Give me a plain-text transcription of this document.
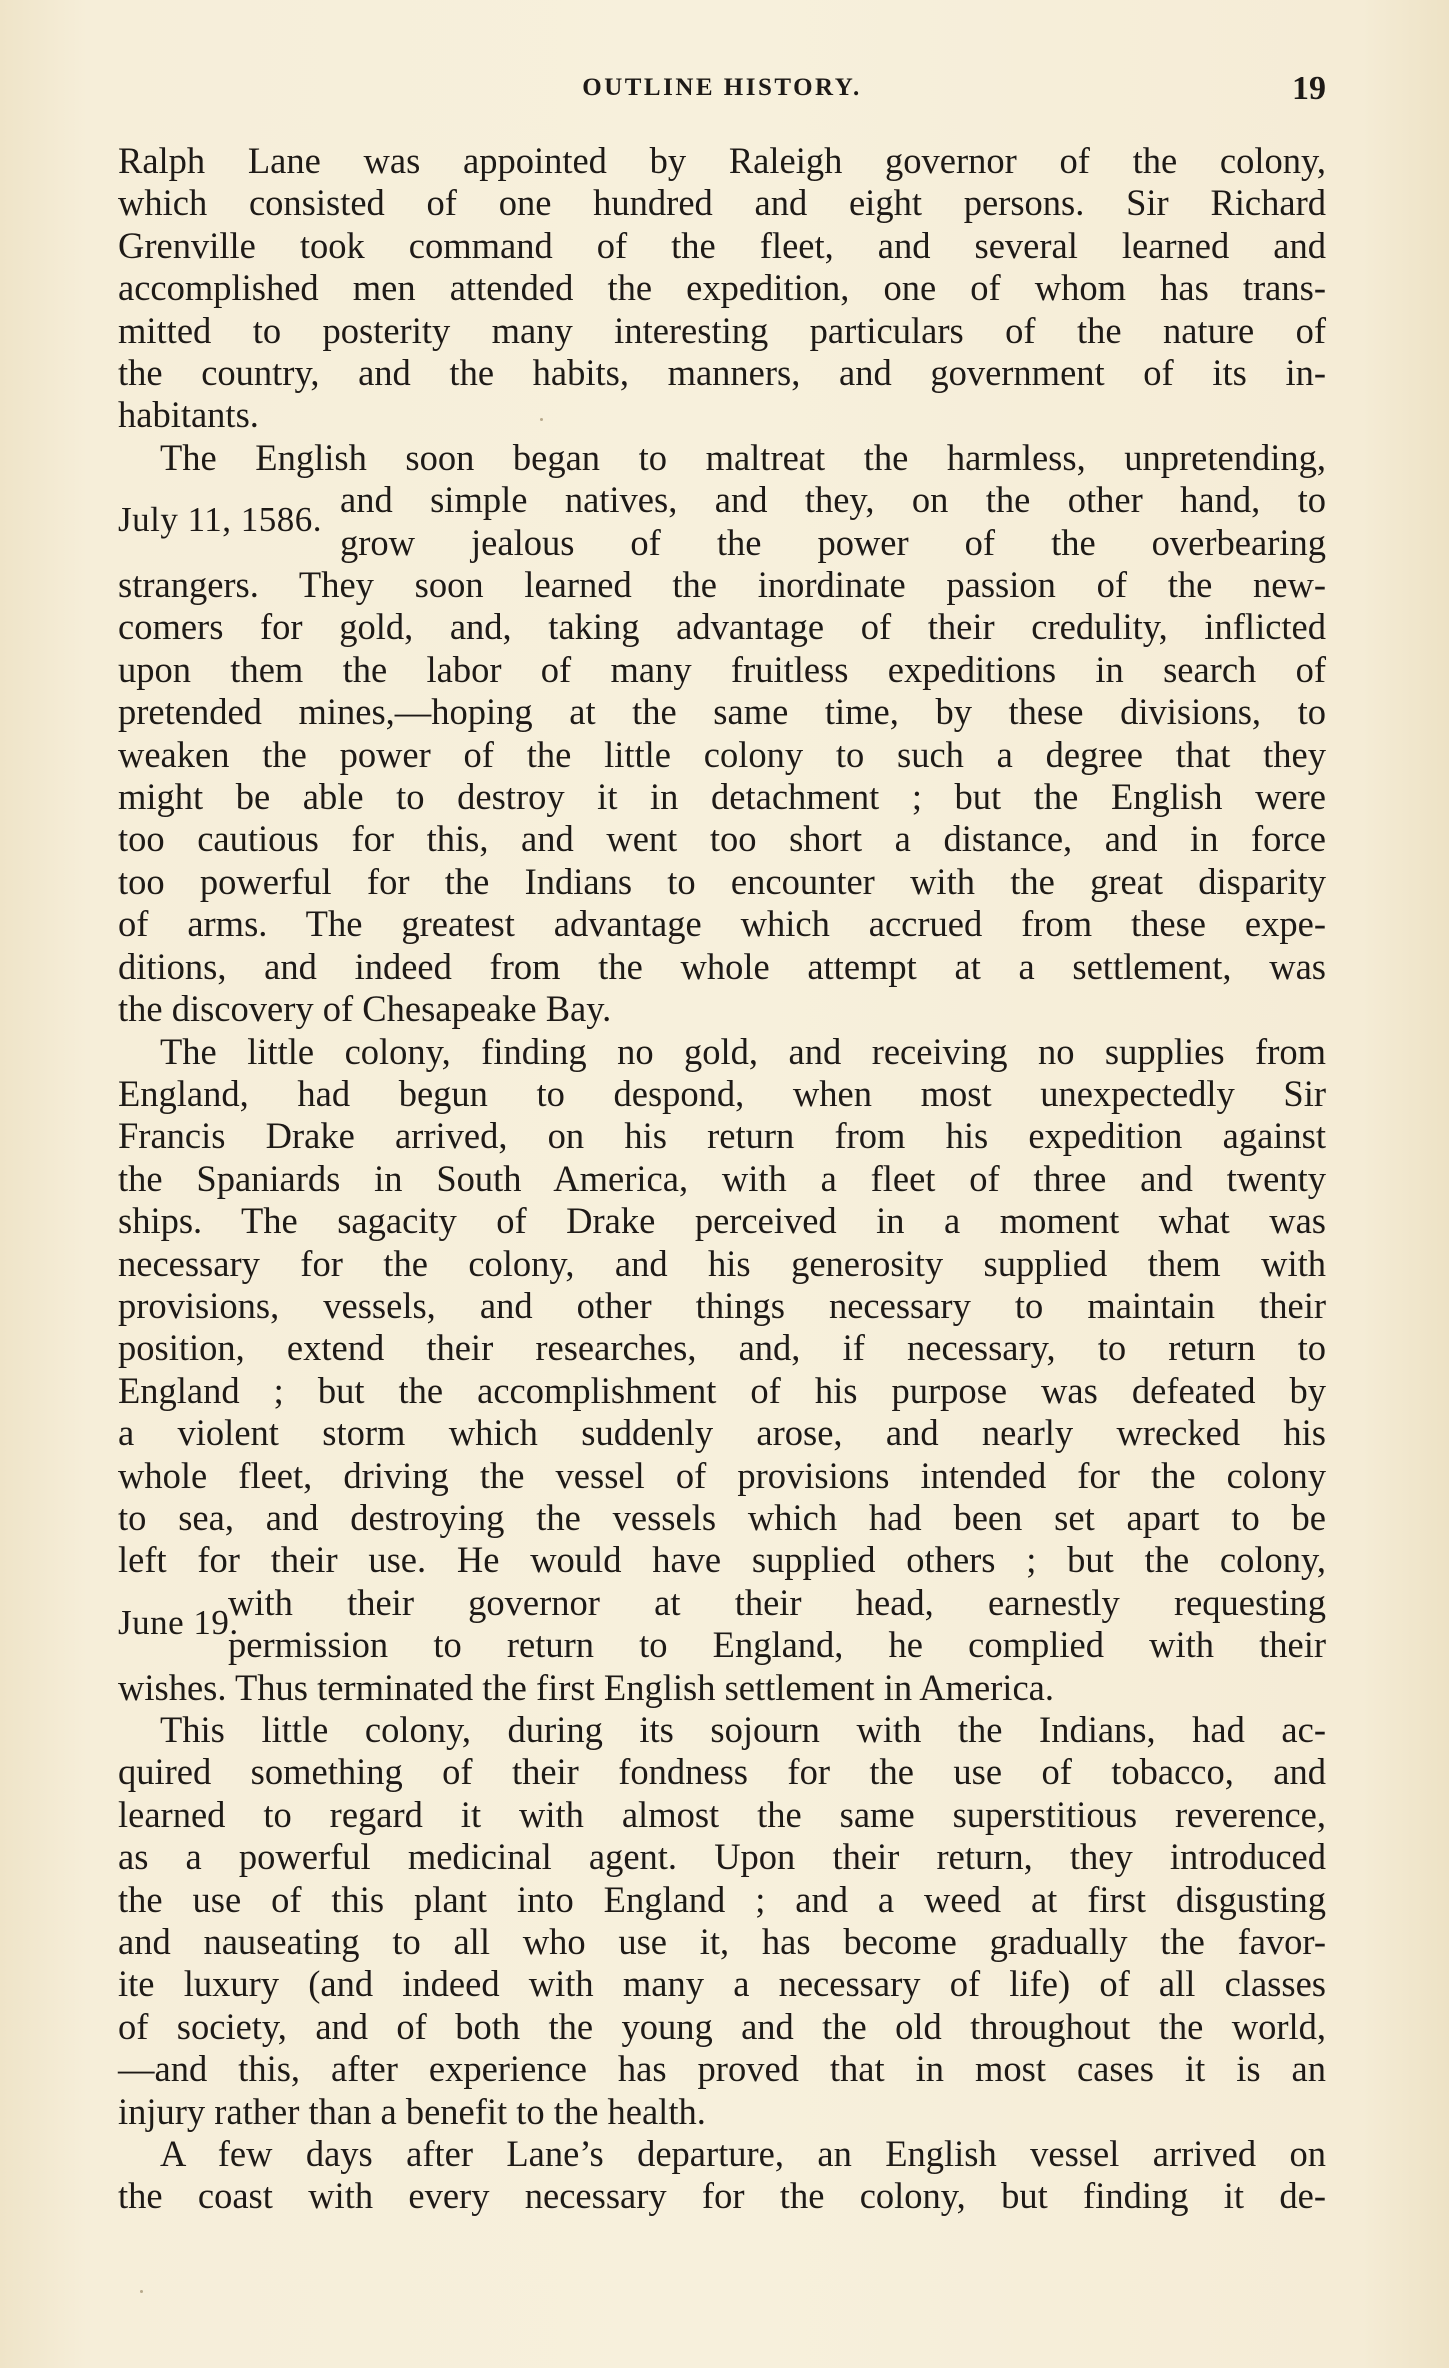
OUTLINE HISTORY.	19
Ralph Lane was appointed by Raleigh governor of the colony,
which consisted of one hundred and eight persons. Sir Richard
Grenville took command of the fleet, and several learned and
accomplished men attended the expedition, one of whom has trans-
mitted to posterity many interesting particulars of the nature of
the country, and the habits, manners, and government of its in-
habitants.
The English soon began to maltreat the harmless, unpretending,
July 11, 1586. and simple natives, and they, on the other hand, to
grow jealous of the power of the overbearing
strangers. They soon learned the inordinate passion of the new-
comers for gold, and, taking advantage of their credulity, inflicted
upon them the labor of many fruitless expeditions in search of
pretended mines,—hoping at the same time, by these divisions, to
weaken the power of the little colony to such a degree that they
might be able to destroy it in detachment ; but the English were
too cautious for this, and went too short a distance, and in force
too powerful for the Indians to encounter with the great disparity
of arms. The greatest advantage which accrued from these expe-
ditions, and indeed from the whole attempt at a settlement, was
the discovery of Chesapeake Bay.
The little colony, finding no gold, and receiving no supplies from
England, had begun to despond, when most unexpectedly Sir
Francis Drake arrived, on his return from his expedition against
the Spaniards in South America, with a fleet of three and twenty
ships. The sagacity of Drake perceived in a moment what was
necessary for the colony, and his generosity supplied them with
provisions, vessels, and other things necessary to maintain their
position, extend their researches, and, if necessary, to return to
England ; but the accomplishment of his purpose was defeated by
a violent storm which suddenly arose, and nearly wrecked his
whole fleet, driving the vessel of provisions intended for the colony
to sea, and destroying the vessels which had been set apart to be
left for their use. He would have supplied others ; but the colony,
June 19.
with their governor at their head, earnestly requesting
permission to return to England, he complied with their
wishes. Thus terminated the first English settlement in America.
This little colony, during its sojourn with the Indians, had ac-
quired something of their fondness for the use of tobacco, and
learned to regard it with almost the same superstitious reverence,
as a powerful medicinal agent. Upon their return, they introduced
the use of this plant into England ; and a weed at first disgusting
and nauseating to all who use it, has become gradually the favor-
ite luxury (and indeed with many a necessary of life) of all classes
of society, and of both the young and the old throughout the world,
—and this, after experience has proved that in most cases it is an
injury rather than a benefit to the health.
A few days after Lane’s departure, an English vessel arrived on
the coast with every necessary for the colony, but finding it de-
